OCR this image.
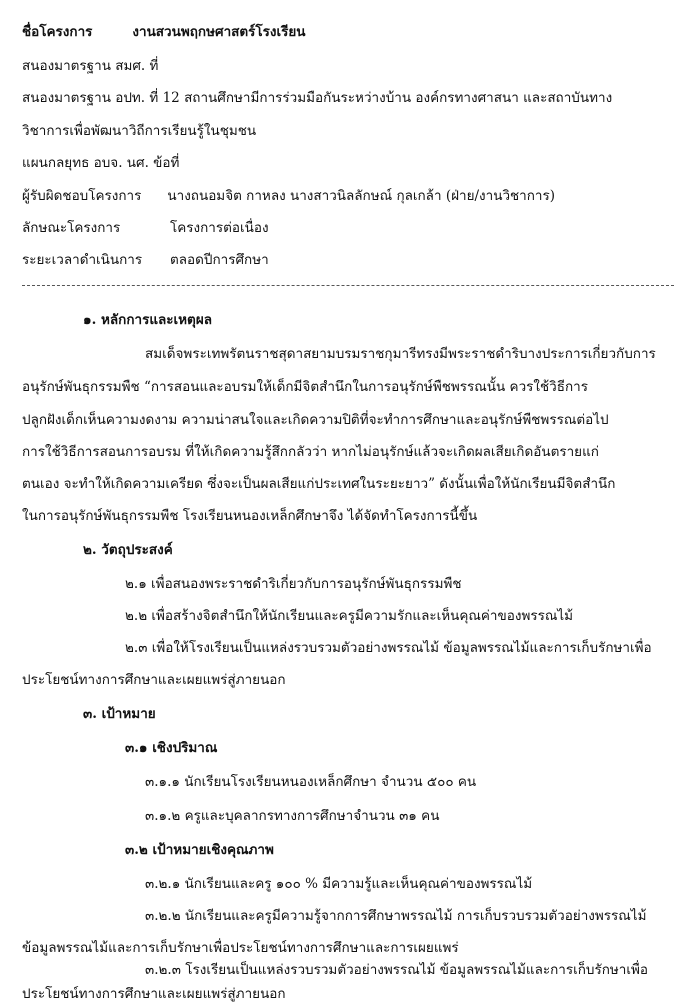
ชื่อโครงการ	งานสวนพฤกษศาสตร์โรงเรียน
สนองมาตรฐาน สมศ. ที่
สนองมาตรฐาน อปท. ที่ 12 สถานศึกษามีการร่วมมือกันระหว่างบ้าน องค์กรทางศาสนา และสถาบันทาง
วิชาการเพื่อพัฒนาวิถีการเรียนรู้ในชุมชน
แผนกลยุทธ อบจ. นศ. ข้อที่
ผู้รับผิดชอบโครงการ นางถนอมจิต กาหลง นางสาวนิลลักษณ์ กุลเกล้า (ฝ่าย/งานวิชาการ)
ลักษณะโครงการ	โครงการต่อเนื่อง
ระยะเวลาดำเนินการ ตลอดปีการศึกษา
๑. หลักการและเหตุผล
สมเด็จพระเทพรัตนราชสุดาสยามบรมราชกุมารีทรงมีพระราชดำริบางประการเกี่ยวกับการ
อนุรักษ์พันธุกรรมพืช “การสอนและอบรมให้เด็กมีจิตสำนึกในการอนุรักษ์พืชพรรณนั้น ควรใช้วิธีการ
ปลูกฝังเด็กเห็นความงดงาม ความน่าสนใจและเกิดความปิติที่จะทำการศึกษาและอนุรักษ์พืชพรรณต่อไป
การใช้วิธีการสอนการอบรม ที่ให้เกิดความรู้สึกกลัวว่า หากไม่อนุรักษ์แล้วจะเกิดผลเสียเกิดอันตรายแก่
ตนเอง จะทำให้เกิดความเครียด ซึ่งจะเป็นผลเสียแก่ประเทศในระยะยาว” ดังนั้นเพื่อให้นักเรียนมีจิตสำนึก
ในการอนุรักษ์พันธุกรรมพืช โรงเรียนหนองเหล็กศึกษาจึง ได้จัดทำโครงการนี้ขึ้น
๒. วัตถุประสงค์
๒.๑ เพื่อสนองพระราชดำริเกี่ยวกับการอนุรักษ์พันธุกรรมพืช
๒.๒ เพื่อสร้างจิตสำนึกให้นักเรียนและครูมีความรักและเห็นคุณค่าของพรรณไม้
๒.๓ เพื่อให้โรงเรียนเป็นแหล่งรวบรวมตัวอย่างพรรณไม้ ข้อมูลพรรณไม้และการเก็บรักษาเพื่อ
ประโยชน์ทางการศึกษาและเผยแพร่สู่ภายนอก
๓. เป้าหมาย
๓.๑ เชิงปริมาณ
๓.๑.๑ นักเรียนโรงเรียนหนองเหล็กศึกษา จำนวน ๕๐๐ คน
๓.๑.๒ ครูและบุคลากรทางการศึกษาจำนวน ๓๑ คน
๓.๒ เป้าหมายเชิงคุณภาพ
๓.๒.๑ นักเรียนและครู ๑๐๐ % มีความรู้และเห็นคุณค่าของพรรณไม้
๓.๒.๒ นักเรียนและครูมีความรู้จากการศึกษาพรรณไม้ การเก็บรวบรวมตัวอย่างพรรณไม้
ข้อมูลพรรณไม้และการเก็บรักษาเพื่อประโยชน์ทางการศึกษาและการเผยแพร่
๓.๒.๓ โรงเรียนเป็นแหล่งรวบรวมตัวอย่างพรรณไม้ ข้อมูลพรรณไม้และการเก็บรักษาเพื่อ
ประโยชน์ทางการศึกษาและเผยแพร่สู่ภายนอก
